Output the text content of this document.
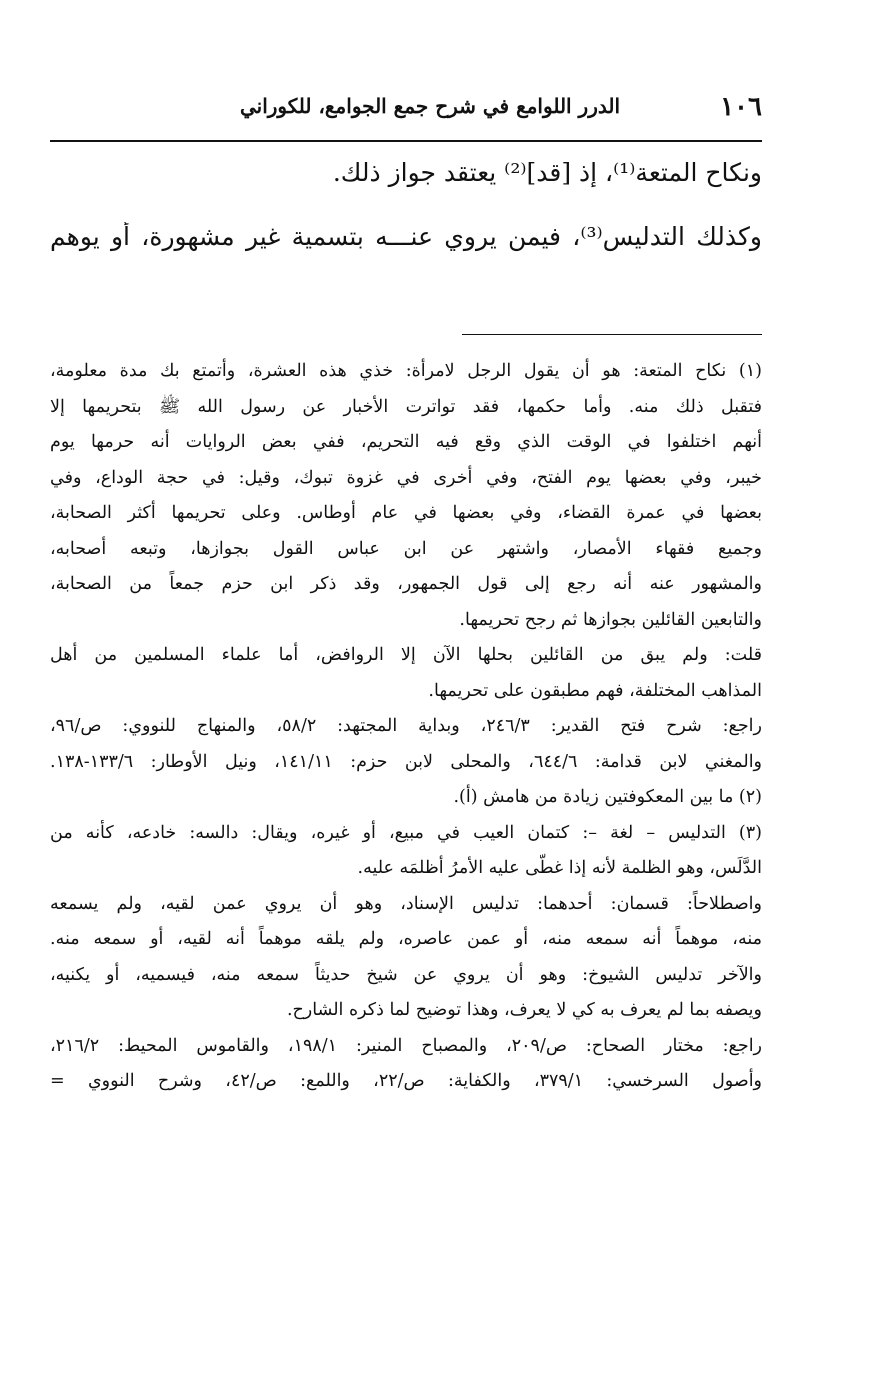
١٠٦
الدرر اللوامع في شرح جمع الجوامع، للكوراني
ونكاح المتعة⁽¹⁾، إذ [قد]⁽²⁾ يعتقد جواز ذلك.
وكذلك التدليس⁽³⁾، فيمن يروي عنـــه بتسمية غير مشهورة، أو يوهم
(١) نكاح المتعة: هو أن يقول الرجل لامرأة: خذي هذه العشرة، وأتمتع بك مدة معلومة،
فتقبل ذلك منه. وأما حكمها، فقد تواترت الأخبار عن رسول الله ﷺ بتحريمها إلا
أنهم اختلفوا في الوقت الذي وقع فيه التحريم، ففي بعض الروايات أنه حرمها يوم
خيبر، وفي بعضها يوم الفتح، وفي أخرى في غزوة تبوك، وقيل: في حجة الوداع، وفي
بعضها في عمرة القضاء، وفي بعضها في عام أوطاس. وعلى تحريمها أكثر الصحابة،
وجميع فقهاء الأمصار، واشتهر عن ابن عباس القول بجوازها، وتبعه أصحابه،
والمشهور عنه أنه رجع إلى قول الجمهور، وقد ذكر ابن حزم جمعاً من الصحابة،
والتابعين القائلين بجوازها ثم رجح تحريمها.
قلت: ولم يبق من القائلين بحلها الآن إلا الروافض، أما علماء المسلمين من أهل
المذاهب المختلفة، فهم مطبقون على تحريمها.
راجع: شرح فتح القدير: ٢٤٦/٣، وبداية المجتهد: ٥٨/٢، والمنهاج للنووي: ص/٩٦،
والمغني لابن قدامة: ٦٤٤/٦، والمحلى لابن حزم: ١٤١/١١، ونيل الأوطار: ١٣٣/٦-١٣٨.
(٢) ما بين المعكوفتين زيادة من هامش (أ).
(٣) التدليس – لغة –: كتمان العيب في مبيع، أو غيره، ويقال: دالسه: خادعه، كأنه من
الدَّلَس، وهو الظلمة لأنه إذا غطّى عليه الأمرُ أظلمَه عليه.
واصطلاحاً: قسمان: أحدهما: تدليس الإسناد، وهو أن يروي عمن لقيه، ولم يسمعه
منه، موهماً أنه سمعه منه، أو عمن عاصره، ولم يلقه موهماً أنه لقيه، أو سمعه منه.
والآخر تدليس الشيوخ: وهو أن يروي عن شيخ حديثاً سمعه منه، فيسميه، أو يكنيه،
ويصفه بما لم يعرف به كي لا يعرف، وهذا توضيح لما ذكره الشارح.
راجع: مختار الصحاح: ص/٢٠٩، والمصباح المنير: ١٩٨/١، والقاموس المحيط: ٢١٦/٢،
وأصول السرخسي: ٣٧٩/١، والكفاية: ص/٢٢، واللمع: ص/٤٢، وشرح النووي =
